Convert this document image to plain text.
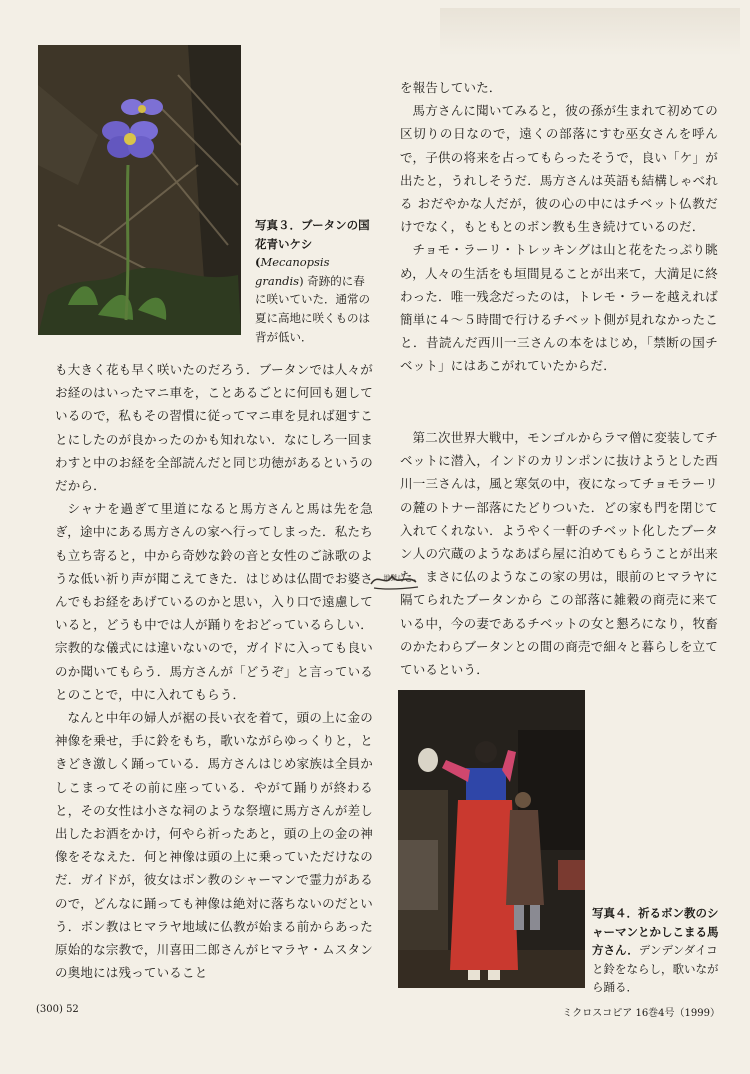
写真３．ブータンの国花青いケシ(Mecanopsis grandis) 奇跡的に春に咲いていた．通常の夏に高地に咲くものは背が低い．

も大きく花も早く咲いたのだろう．ブータンでは人々がお経のはいったマニ車を，ことあるごとに何回も廻しているので，私もその習慣に従ってマニ車を見れば廻すことにしたのが良かったのかも知れない．なにしろ一回まわすと中のお経を全部読んだと同じ功徳があるというのだから．

シャナを過ぎて里道になると馬方さんと馬は先を急ぎ，途中にある馬方さんの家へ行ってしまった．私たちも立ち寄ると，中から奇妙な鈴の音と女性のご詠歌のような低い祈り声が聞こえてきた．はじめは仏間でお婆さんでもお経をあげているのかと思い，入り口で遠慮していると，どうも中では人が踊りをおどっているらしい．宗教的な儀式には違いないので，ガイドに入っても良いのか聞いてもらう．馬方さんが「どうぞ」と言っているとのことで，中に入れてもらう．

なんと中年の婦人が裾の長い衣を着て，頭の上に金の神像を乗せ，手に鈴をもち，歌いながらゆっくりと，ときどき激しく踊っている．馬方さんはじめ家族は全員かしこまってその前に座っている．やがて踊りが終わると，その女性は小さな祠のような祭壇に馬方さんが差し出したお酒をかけ，何やら祈ったあと，頭の上の金の神像をそなえた．何と神像は頭の上に乗っていただけなのだ．ガイドが，彼女はボン教のシャーマンで霊力があるので，どんなに踊っても神像は絶対に落ちないのだという．ボン教はヒマラヤ地域に仏教が始まる前からあった原始的な宗教で，川喜田二郎さんがヒマラヤ・ムスタンの奥地には残っていること

を報告していた．

馬方さんに聞いてみると，彼の孫が生まれて初めての区切りの日なので，遠くの部落にすむ巫女さんを呼んで，子供の将来を占ってもらったそうで，良い「ケ」が出たと，うれしそうだ．馬方さんは英語も結構しゃべれる おだやかな人だが，彼の心の中にはチベット仏教だけでなく，もともとのボン教も生き続けているのだ．

チョモ・ラーリ・トレッキングは山と花をたっぷり眺め，人々の生活をも垣間見ることが出来て，大満足に終わった．唯一残念だったのは，トレモ・ラーを越えれば簡単に４～５時間で行けるチベット側が見れなかったこと．昔読んだ西川一三さんの本をはじめ，「禁断の国チベット」にはあこがれていたからだ．

第二次世界大戦中，モンゴルからラマ僧に変装してチベットに潜入，インドのカリンポンに抜けようとした西川一三さんは，風と寒気の中，夜になってチョモラーリの麓のトナー部落にたどりついた．どの家も門を閉じて入れてくれない．ようやく一軒のチベット化したブータン人の穴蔵のようなあばら屋に泊めてもらうことが出来た．まさに仏のようなこの家の男は，眼前のヒマラヤに隔てられたブータンから この部落に雑穀の商売に来ている中，今の妻であるチベットの女と懇ろになり，牧畜のかたわらブータンとの間の商売で細々と暮らしを立てているという．

地獄に
写真４．祈るボン教のシャーマンとかしこまる馬方さん．デンデンダイコと鈴をならし，歌いながら踊る．
(300) 52	ミクロスコピア 16巻4号（1999）
